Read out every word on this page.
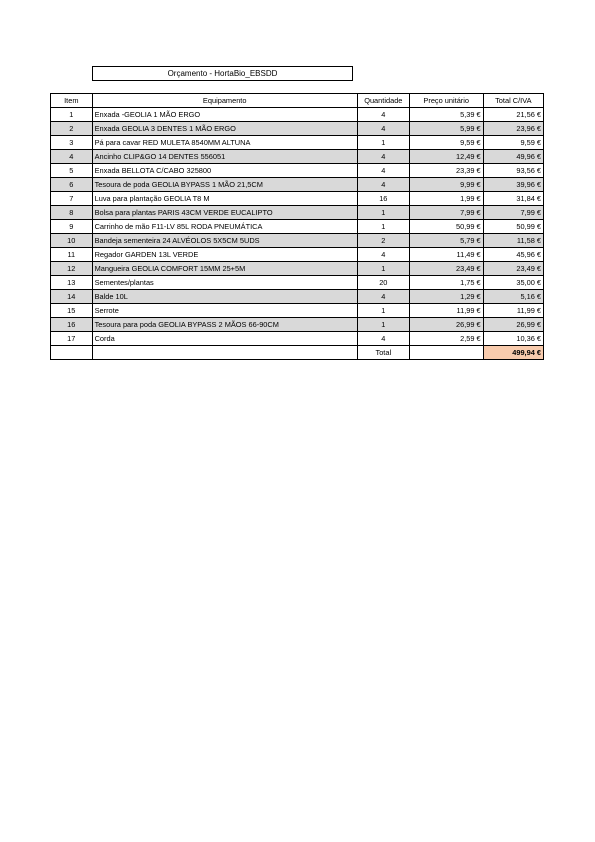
Orçamento - HortaBio_EBSDD
Item	Equipamento	Quantidade	Preço unitário	Total C/IVA
1	Enxada -GEOLIA 1 MÃO ERGO	4	5,39 €	21,56 €
2	Enxada GEOLIA 3 DENTES 1 MÃO ERGO	4	5,99 €	23,96 €
3	Pá para cavar RED MULETA 8540MM ALTUNA	1	9,59 €	9,59 €
4	Ancinho CLIP&GO 14 DENTES 556051	4	12,49 €	49,96 €
5	Enxada BELLOTA C/CABO 325800	4	23,39 €	93,56 €
6	Tesoura de poda GEOLIA BYPASS 1 MÃO 21,5CM	4	9,99 €	39,96 €
7	Luva para plantação GEOLIA T8 M	16	1,99 €	31,84 €
8	Bolsa para plantas PARIS 43CM VERDE EUCALIPTO	1	7,99 €	7,99 €
9	Carrinho de mão F11-LV 85L RODA PNEUMÁTICA	1	50,99 €	50,99 €
10	Bandeja sementeira 24 ALVÉOLOS 5X5CM 5UDS	2	5,79 €	11,58 €
11	Regador GARDEN 13L VERDE	4	11,49 €	45,96 €
12	Mangueira GEOLIA COMFORT 15MM 25+5M	1	23,49 €	23,49 €
13	Sementes/plantas	20	1,75 €	35,00 €
14	Balde 10L	4	1,29 €	5,16 €
15	Serrote	1	11,99 €	11,99 €
16	Tesoura para poda GEOLIA BYPASS 2 MÃOS 66-90CM	1	26,99 €	26,99 €
17	Corda	4	2,59 €	10,36 €
		Total		499,94 €
